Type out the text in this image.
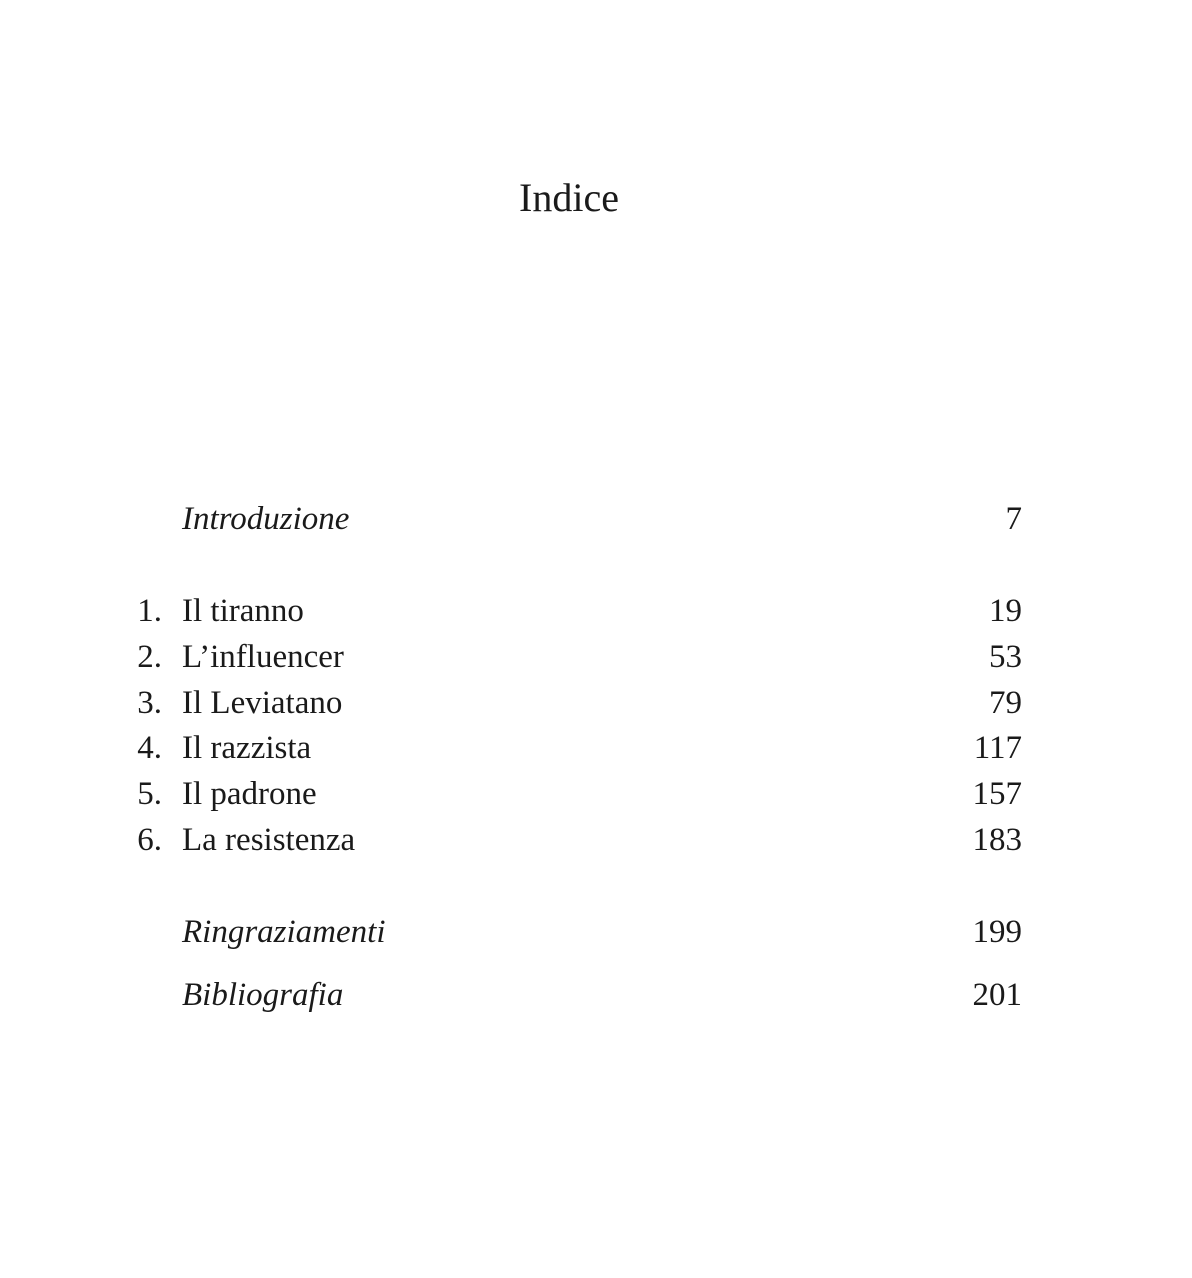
Indice
Introduzione	7
1. Il tiranno	19
2. L’influencer	53
3. Il Leviatano	79
4. Il razzista	117
5. Il padrone	157
6. La resistenza	183
Ringraziamenti	199
Bibliografia	201
